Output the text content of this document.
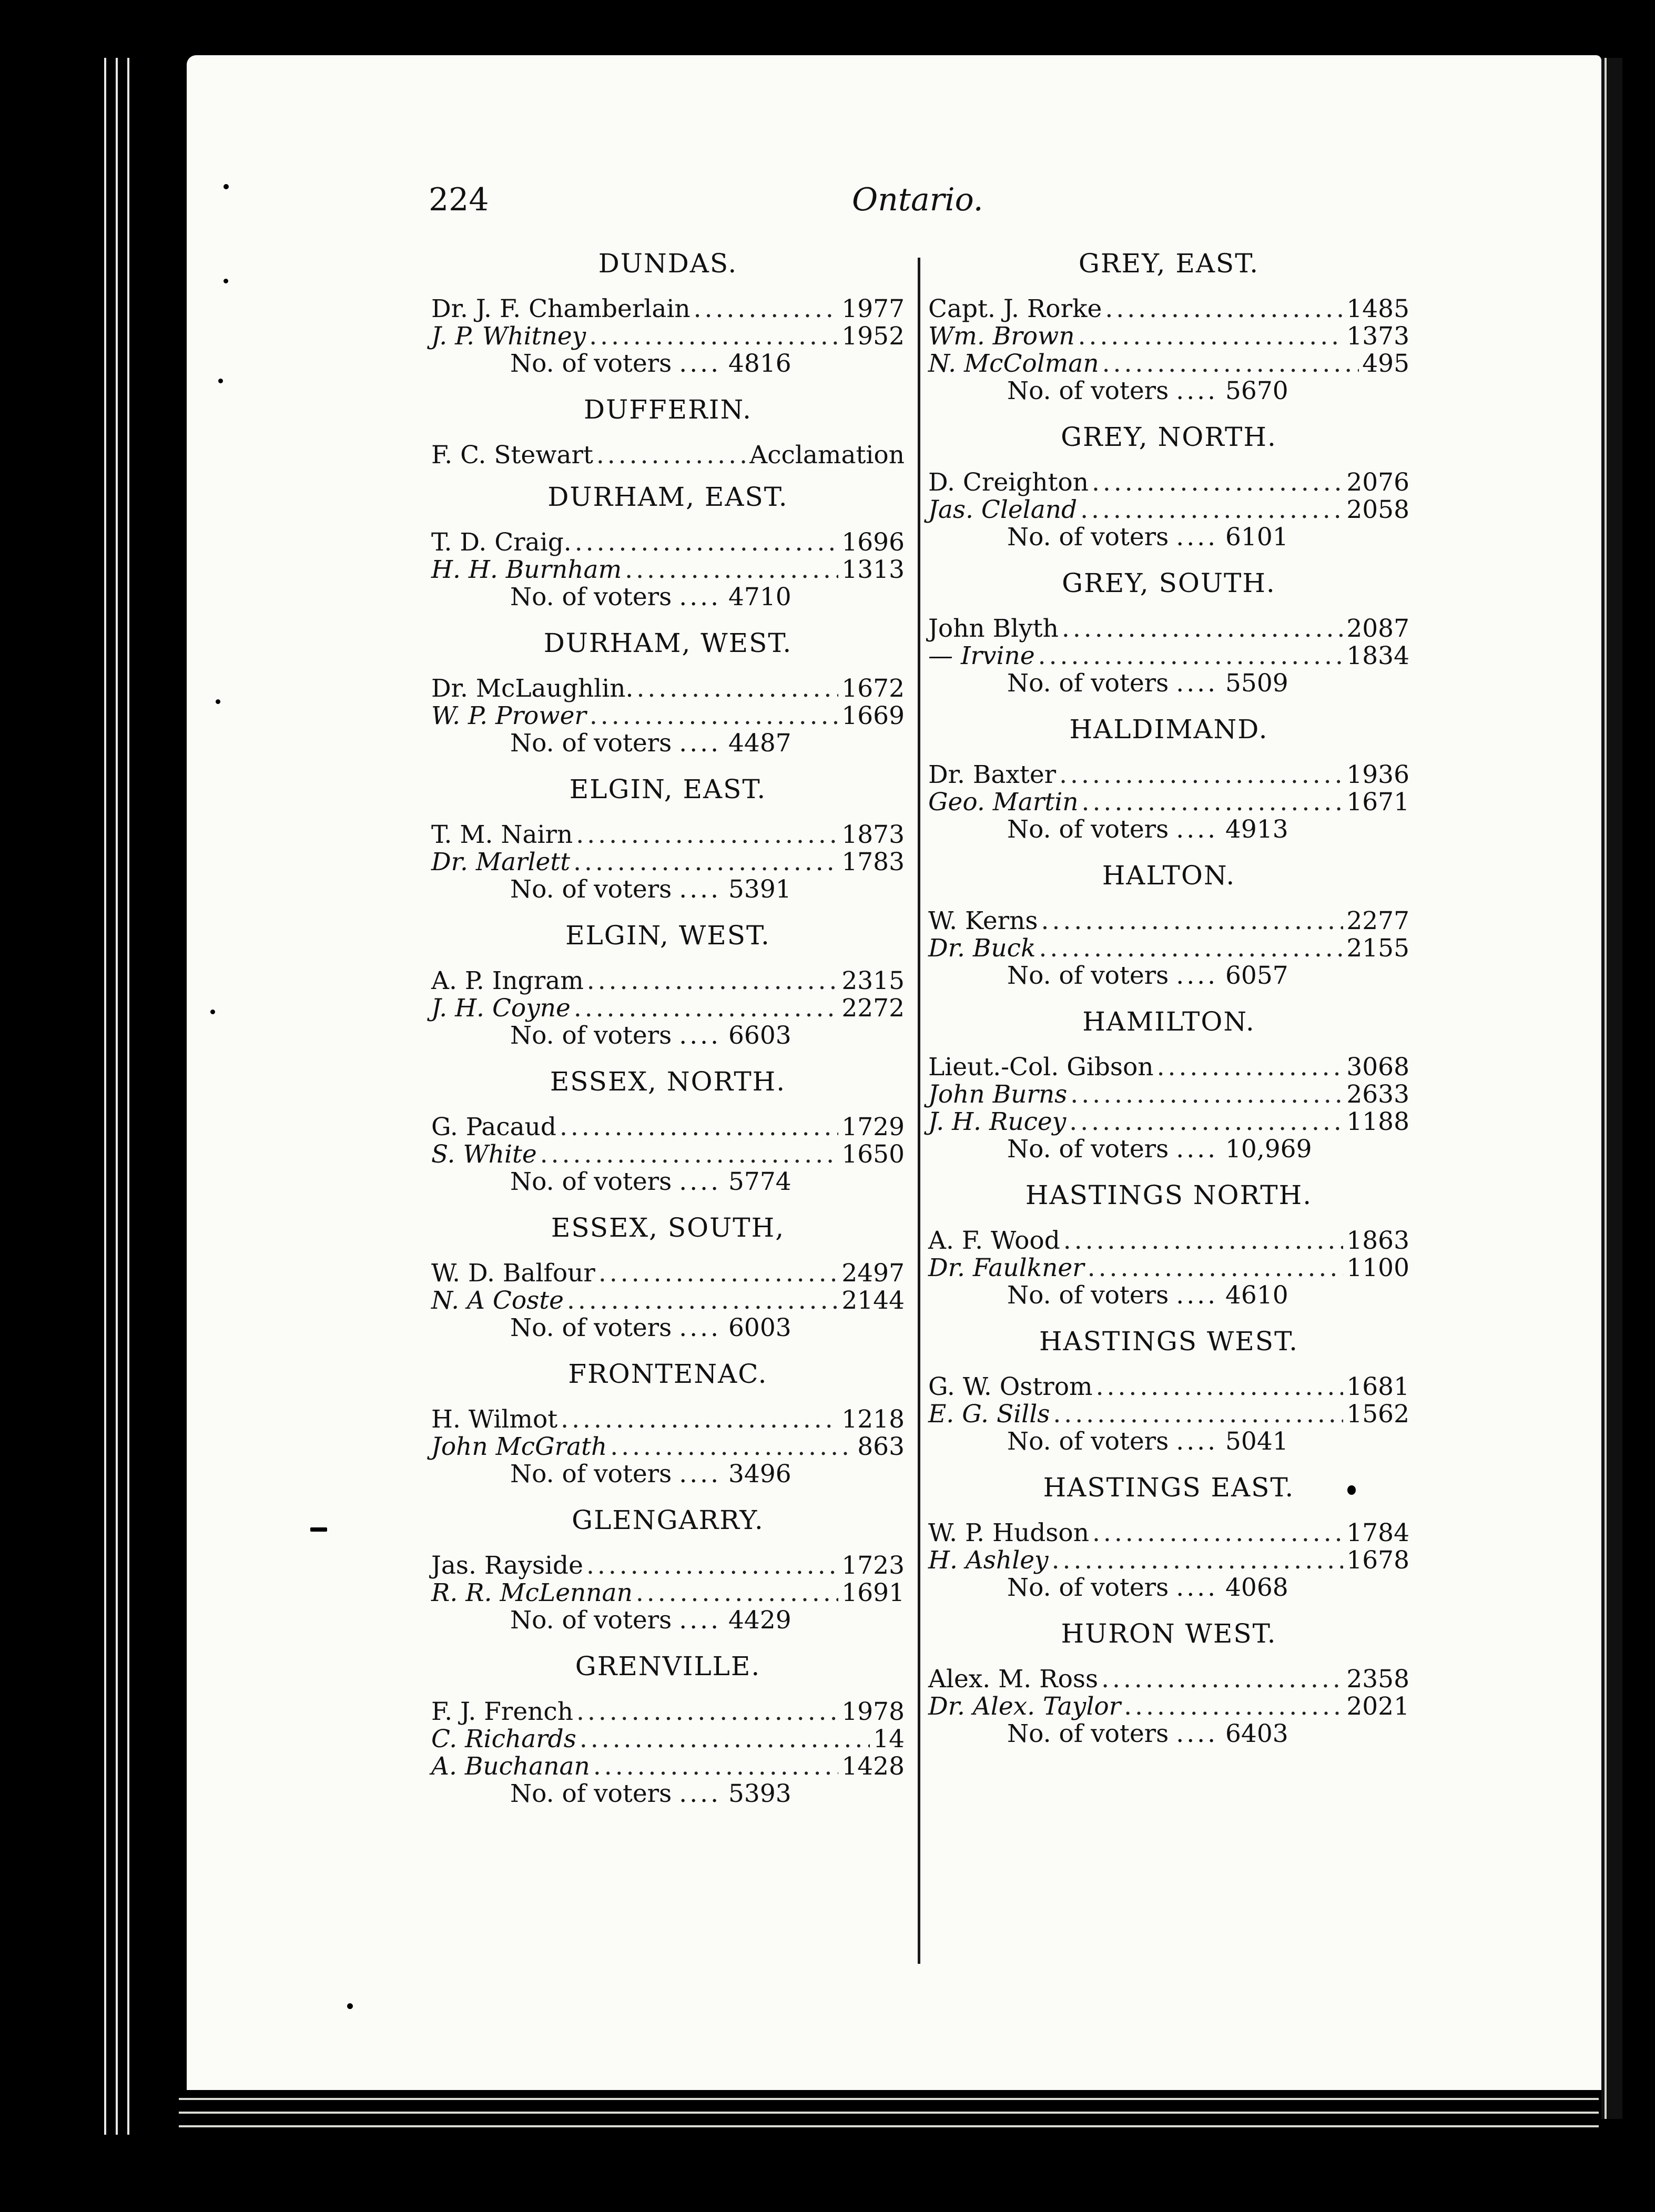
224	Ontario.
DUNDAS.
Dr. J. F. Chamberlain .....	1977
J. P. Whitney .....	1952
No. of voters .... 4816
DUFFERIN.
F. C. Stewart .....	Acclamation
DURHAM, EAST.
T. D. Craig. .....	1696
H. H. Burnham .....	1313
No. of voters .... 4710
DURHAM, WEST.
Dr. McLaughlin. .....	1672
W. P. Prower .....	1669
No. of voters .... 4487
ELGIN, EAST.
T. M. Nairn .....	1873
Dr. Marlett .....	1783
No. of voters .... 5391
ELGIN, WEST.
A. P. Ingram .....	2315
J. H. Coyne .....	2272
No. of voters .... 6603
ESSEX, NORTH.
G. Pacaud .....	1729
S. White .....	1650
No. of voters .... 5774
ESSEX, SOUTH,
W. D. Balfour .....	2497
N. A Coste .....	2144
No. of voters .... 6003
FRONTENAC.
H. Wilmot .....	1218
John McGrath .....	863
No. of voters .... 3496
GLENGARRY.
Jas. Rayside .....	1723
R. R. McLennan .....	1691
No. of voters .... 4429
GRENVILLE.
F. J. French .....	1978
C. Richards .....	14
A. Buchanan .....	1428
No. of voters .... 5393
GREY, EAST.
Capt. J. Rorke .....	1485
Wm. Brown .....	1373
N. McColman .....	495
No. of voters .... 5670
GREY, NORTH.
D. Creighton .....	2076
Jas. Cleland .....	2058
No. of voters .... 6101
GREY, SOUTH.
John Blyth .....	2087
— Irvine .....	1834
No. of voters .... 5509
HALDIMAND.
Dr. Baxter .....	1936
Geo. Martin .....	1671
No. of voters .... 4913
HALTON.
W. Kerns .....	2277
Dr. Buck .....	2155
No. of voters .... 6057
HAMILTON.
Lieut.-Col. Gibson .....	3068
John Burns .....	2633
J. H. Rucey .....	1188
No. of voters .... 10,969
HASTINGS NORTH.
A. F. Wood .....	1863
Dr. Faulkner .....	1100
No. of voters .... 4610
HASTINGS WEST.
G. W. Ostrom .....	1681
E. G. Sills .....	1562
No. of voters .... 5041
HASTINGS EAST.
W. P. Hudson .....	1784
H. Ashley .....	1678
No. of voters .... 4068
HURON WEST.
Alex. M. Ross .....	2358
Dr. Alex. Taylor .....	2021
No. of voters .... 6403
